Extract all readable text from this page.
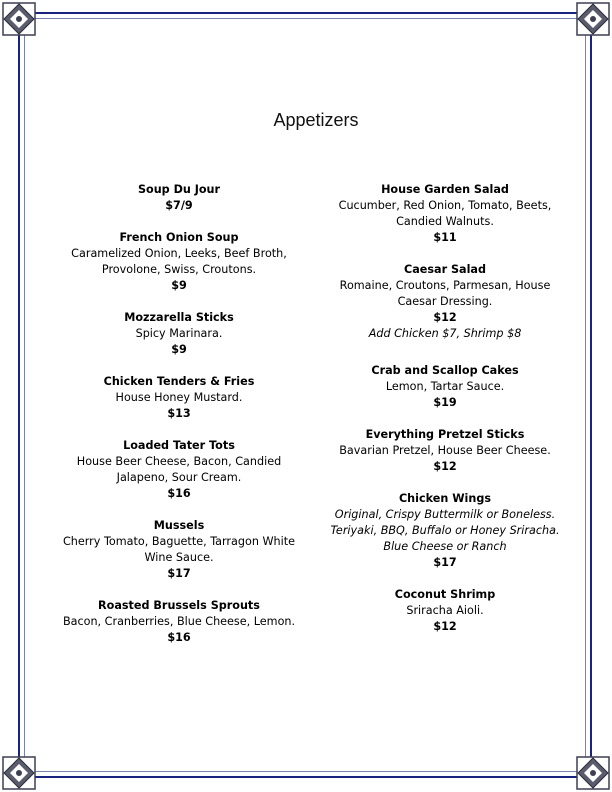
Appetizers
Soup Du Jour
$7/9
French Onion Soup
Caramelized Onion, Leeks, Beef Broth, Provolone, Swiss, Croutons.
$9
Mozzarella Sticks
Spicy Marinara.
$9
Chicken Tenders & Fries
House Honey Mustard.
$13
Loaded Tater Tots
House Beer Cheese, Bacon, Candied Jalapeno, Sour Cream.
$16
Mussels
Cherry Tomato, Baguette, Tarragon White Wine Sauce.
$17
Roasted Brussels Sprouts
Bacon, Cranberries, Blue Cheese, Lemon.
$16
House Garden Salad
Cucumber, Red Onion, Tomato, Beets, Candied Walnuts.
$11
Caesar Salad
Romaine, Croutons, Parmesan, House Caesar Dressing.
$12
Add Chicken $7, Shrimp $8
Crab and Scallop Cakes
Lemon, Tartar Sauce.
$19
Everything Pretzel Sticks
Bavarian Pretzel, House Beer Cheese.
$12
Chicken Wings
Original, Crispy Buttermilk or Boneless. Teriyaki, BBQ, Buffalo or Honey Sriracha. Blue Cheese or Ranch
$17
Coconut Shrimp
Sriracha Aioli.
$12
